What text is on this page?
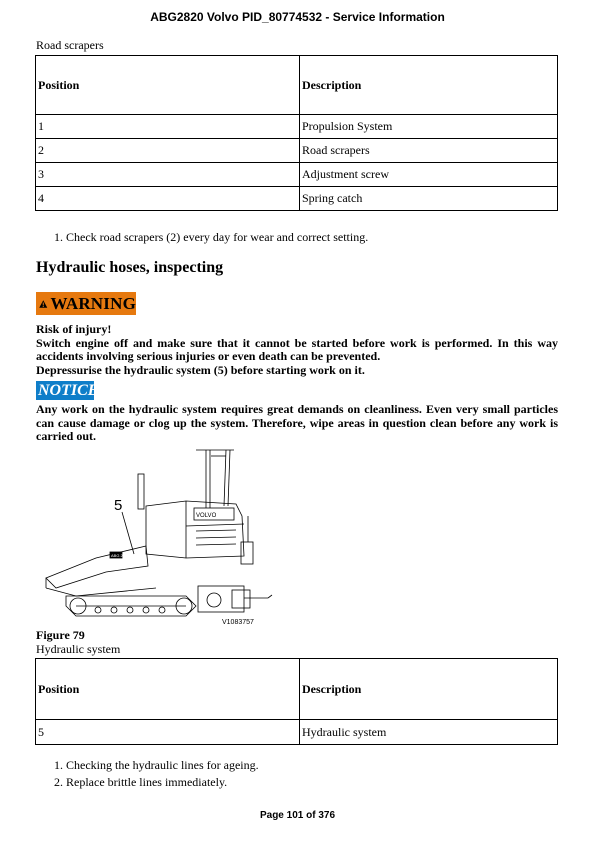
ABG2820 Volvo PID_80774532 - Service Information
Road scrapers
Position	Description
1	Propulsion System
2	Road scrapers
3	Adjustment screw
4	Spring catch
1. Check road scrapers (2) every day for wear and correct setting.
Hydraulic hoses, inspecting
WARNING
Risk of injury!
Switch engine off and make sure that it cannot be started before work is performed. In this way accidents involving serious injuries or even death can be prevented.
Depressurise the hydraulic system (5) before starting work on it.
NOTICE
Any work on the hydraulic system requires great demands on cleanliness. Even very small particles can cause damage or clog up the system. Therefore, wipe areas in question clean before any work is carried out.
5
VOLVO
ABG 2820
V1083757
Figure 79
Hydraulic system
Position	Description
5	Hydraulic system
1. Checking the hydraulic lines for ageing.
2. Replace brittle lines immediately.
Page 101 of 376
